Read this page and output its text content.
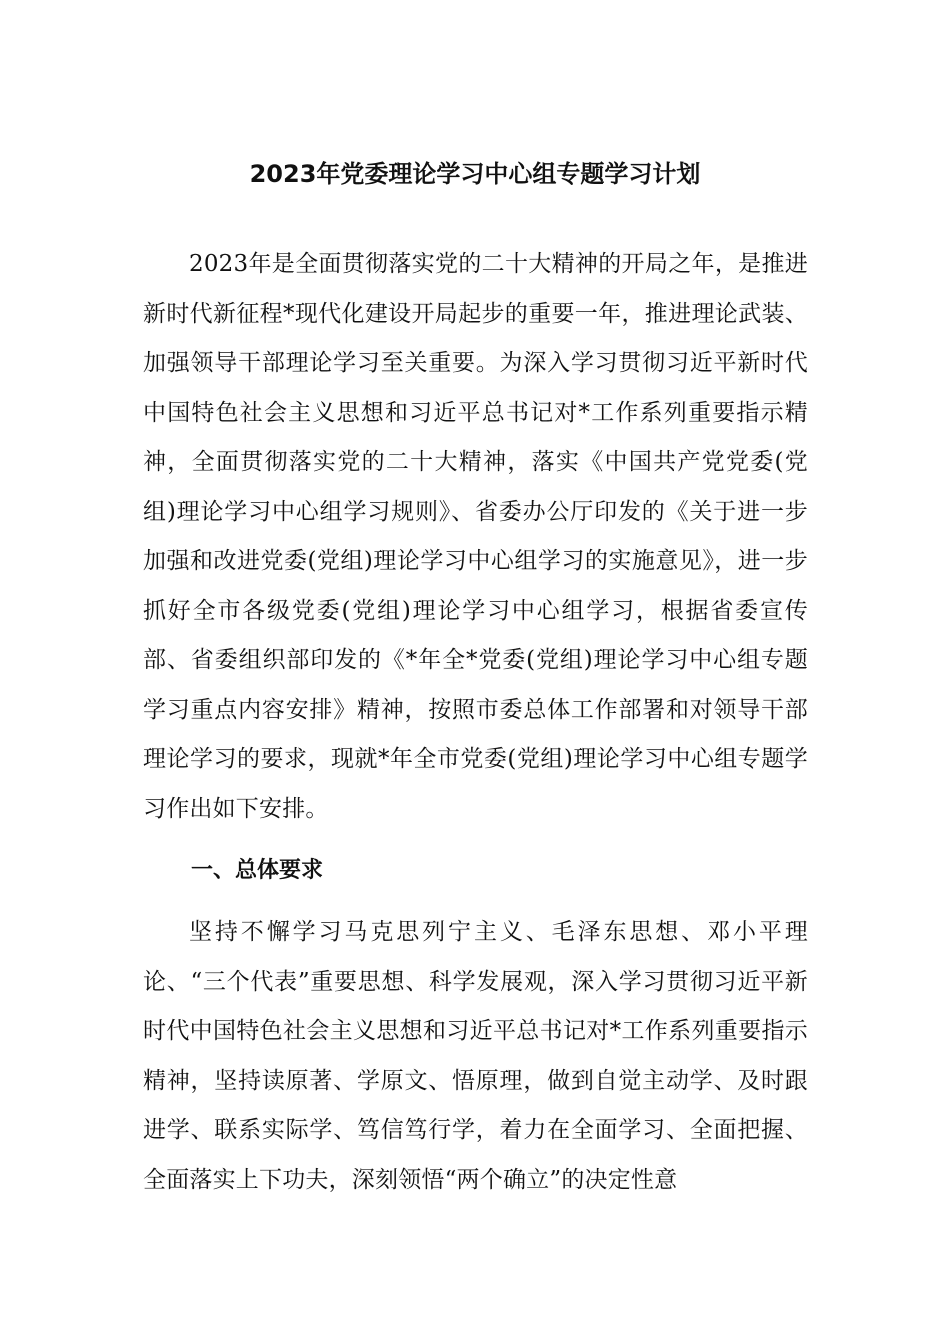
2023年党委理论学习中心组专题学习计划

2023年是全面贯彻落实党的二十大精神的开局之年，是推进新时代新征程*现代化建设开局起步的重要一年，推进理论武装、加强领导干部理论学习至关重要。为深入学习贯彻习近平新时代中国特色社会主义思想和习近平总书记对*工作系列重要指示精神，全面贯彻落实党的二十大精神，落实《中国共产党党委(党组)理论学习中心组学习规则》、省委办公厅印发的《关于进一步加强和改进党委(党组)理论学习中心组学习的实施意见》，进一步抓好全市各级党委(党组)理论学习中心组学习，根据省委宣传部、省委组织部印发的《*年全*党委(党组)理论学习中心组专题学习重点内容安排》精神，按照市委总体工作部署和对领导干部理论学习的要求，现就*年全市党委(党组)理论学习中心组专题学习作出如下安排。

一、总体要求

坚持不懈学习马克思列宁主义、毛泽东思想、邓小平理论、“三个代表”重要思想、科学发展观，深入学习贯彻习近平新时代中国特色社会主义思想和习近平总书记对*工作系列重要指示精神，坚持读原著、学原文、悟原理，做到自觉主动学、及时跟进学、联系实际学、笃信笃行学，着力在全面学习、全面把握、全面落实上下功夫，深刻领悟“两个确立”的决定性意
